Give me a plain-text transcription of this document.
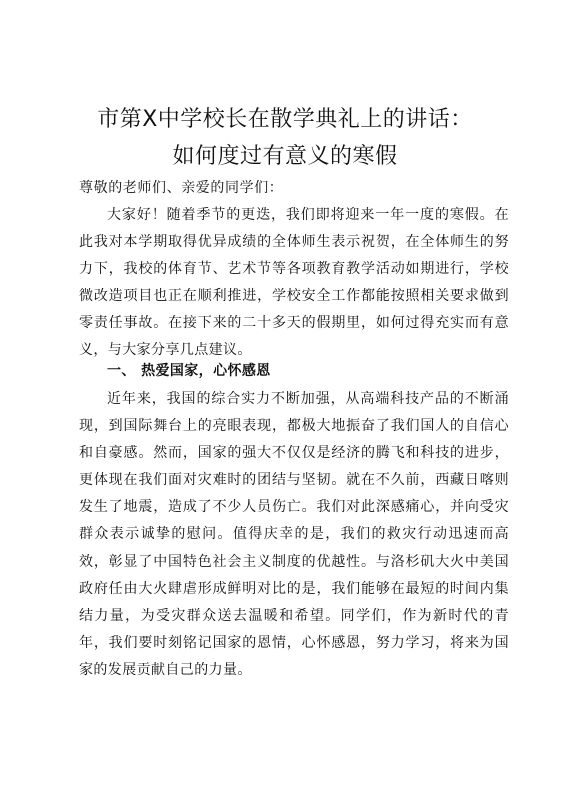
市第X中学校长在散学典礼上的讲话：
如何度过有意义的寒假
尊敬的老师们、亲爱的同学们：
大家好！随着季节的更迭，我们即将迎来一年一度的寒假。在此我对本学期取得优异成绩的全体师生表示祝贺，在全体师生的努力下，我校的体育节、艺术节等各项教育教学活动如期进行，学校微改造项目也正在顺利推进，学校安全工作都能按照相关要求做到零责任事故。在接下来的二十多天的假期里，如何过得充实而有意义，与大家分享几点建议。
一、 热爱国家，心怀感恩
近年来，我国的综合实力不断加强，从高端科技产品的不断涌现，到国际舞台上的亮眼表现，都极大地振奋了我们国人的自信心和自豪感。然而，国家的强大不仅仅是经济的腾飞和科技的进步，更体现在我们面对灾难时的团结与坚韧。就在不久前，西藏日喀则发生了地震，造成了不少人员伤亡。我们对此深感痛心，并向受灾群众表示诚挚的慰问。值得庆幸的是，我们的救灾行动迅速而高效，彰显了中国特色社会主义制度的优越性。与洛杉矶大火中美国政府任由大火肆虐形成鲜明对比的是，我们能够在最短的时间内集结力量，为受灾群众送去温暖和希望。同学们，作为新时代的青年，我们要时刻铭记国家的恩情，心怀感恩，努力学习，将来为国家的发展贡献自己的力量。
